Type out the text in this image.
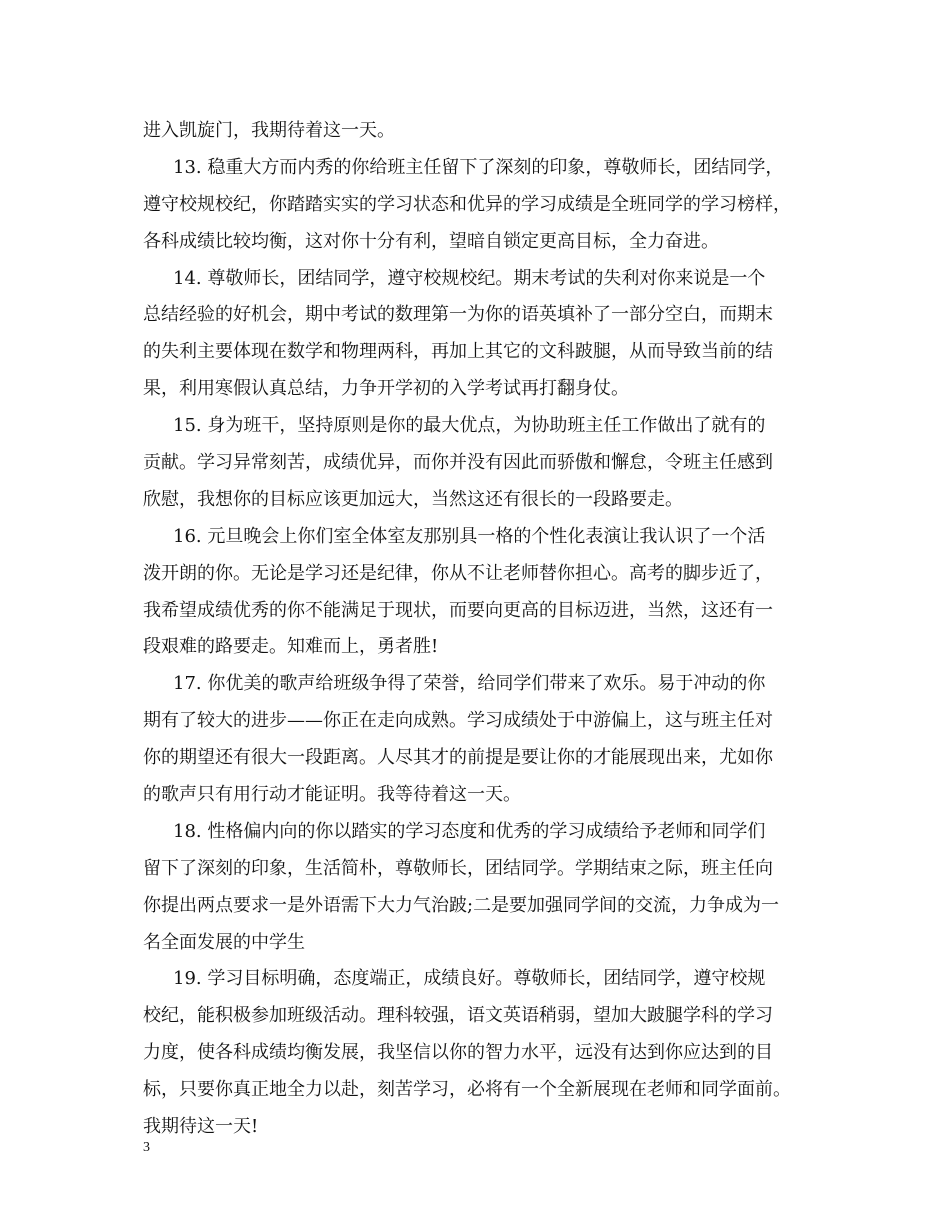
进入凯旋门，我期待着这一天。
13. 稳重大方而内秀的你给班主任留下了深刻的印象，尊敬师长，团结同学，
遵守校规校纪，你踏踏实实的学习状态和优异的学习成绩是全班同学的学习榜样，
各科成绩比较均衡，这对你十分有利，望暗自锁定更高目标，全力奋进。
14. 尊敬师长，团结同学，遵守校规校纪。期末考试的失利对你来说是一个
总结经验的好机会，期中考试的数理第一为你的语英填补了一部分空白，而期末
的失利主要体现在数学和物理两科，再加上其它的文科跛腿，从而导致当前的结
果，利用寒假认真总结，力争开学初的入学考试再打翻身仗。
15. 身为班干，坚持原则是你的最大优点，为协助班主任工作做出了就有的
贡献。学习异常刻苦，成绩优异，而你并没有因此而骄傲和懈怠，令班主任感到
欣慰，我想你的目标应该更加远大，当然这还有很长的一段路要走。
16. 元旦晚会上你们室全体室友那别具一格的个性化表演让我认识了一个活
泼开朗的你。无论是学习还是纪律，你从不让老师替你担心。高考的脚步近了，
我希望成绩优秀的你不能满足于现状，而要向更高的目标迈进，当然，这还有一
段艰难的路要走。知难而上，勇者胜!
17. 你优美的歌声给班级争得了荣誉，给同学们带来了欢乐。易于冲动的你
期有了较大的进步——你正在走向成熟。学习成绩处于中游偏上，这与班主任对
你的期望还有很大一段距离。人尽其才的前提是要让你的才能展现出来，尤如你
的歌声只有用行动才能证明。我等待着这一天。
18. 性格偏内向的你以踏实的学习态度和优秀的学习成绩给予老师和同学们
留下了深刻的印象，生活简朴，尊敬师长，团结同学。学期结束之际，班主任向
你提出两点要求一是外语需下大力气治跛;二是要加强同学间的交流，力争成为一
名全面发展的中学生
19. 学习目标明确，态度端正，成绩良好。尊敬师长，团结同学，遵守校规
校纪，能积极参加班级活动。理科较强，语文英语稍弱，望加大跛腿学科的学习
力度，使各科成绩均衡发展，我坚信以你的智力水平，远没有达到你应达到的目
标，只要你真正地全力以赴，刻苦学习，必将有一个全新展现在老师和同学面前。
我期待这一天!
3
